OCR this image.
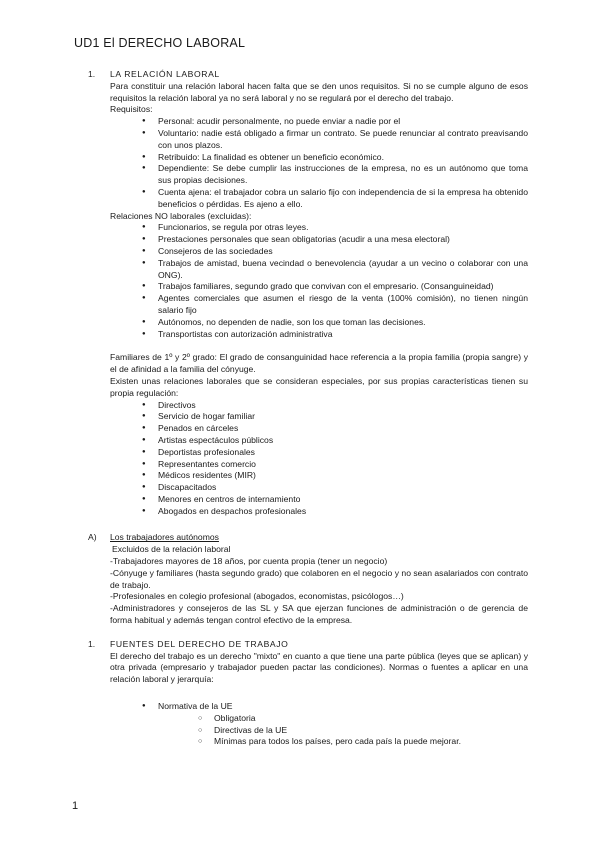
UD1 El DERECHO LABORAL
1.	LA RELACIÓN LABORAL
Para constituir una relación laboral hacen falta que se den unos requisitos. Si no se cumple alguno de esos requisitos la relación laboral ya no será laboral y no se regulará por el derecho del trabajo.
Requisitos:
● Personal: acudir personalmente, no puede enviar a nadie por el
● Voluntario: nadie está obligado a firmar un contrato. Se puede renunciar al contrato preavisando con unos plazos.
● Retribuido: La finalidad es obtener un beneficio económico.
● Dependiente: Se debe cumplir las instrucciones de la empresa, no es un autónomo que toma sus propias decisiones.
● Cuenta ajena: el trabajador cobra un salario fijo con independencia de si la empresa ha obtenido beneficios o pérdidas. Es ajeno a ello.
Relaciones NO laborales (excluidas):
● Funcionarios, se regula por otras leyes.
● Prestaciones personales que sean obligatorias (acudir a una mesa electoral)
● Consejeros de las sociedades
● Trabajos de amistad, buena vecindad o benevolencia (ayudar a un vecino o colaborar con una ONG).
● Trabajos familiares, segundo grado que convivan con el empresario. (Consanguineidad)
● Agentes comerciales que asumen el riesgo de la venta (100% comisión), no tienen ningún salario fijo
● Autónomos, no dependen de nadie, son los que toman las decisiones.
● Transportistas con autorización administrativa
Familiares de 1º y 2º grado: El grado de consanguinidad hace referencia a la propia familia (propia sangre) y el de afinidad a la familia del cónyuge.
Existen unas relaciones laborales que se consideran especiales, por sus propias características tienen su propia regulación:
● Directivos
● Servicio de hogar familiar
● Penados en cárceles
● Artistas espectáculos públicos
● Deportistas profesionales
● Representantes comercio
● Médicos residentes (MIR)
● Discapacitados
● Menores en centros de internamiento
● Abogados en despachos profesionales
A)	Los trabajadores autónomos
Excluidos de la relación laboral
-Trabajadores mayores de 18 años, por cuenta propia (tener un negocio)
-Cónyuge y familiares (hasta segundo grado) que colaboren en el negocio y no sean asalariados con contrato de trabajo.
-Profesionales en colegio profesional (abogados, economistas, psicólogos…)
-Administradores y consejeros de las SL y SA que ejerzan funciones de administración o de gerencia de forma habitual y además tengan control efectivo de la empresa.
1.	FUENTES DEL DERECHO DE TRABAJO
El derecho del trabajo es un derecho "mixto" en cuanto a que tiene una parte pública (leyes que se aplican) y otra privada (empresario y trabajador pueden pactar las condiciones). Normas o fuentes a aplicar en una relación laboral y jerarquía:
● Normativa de la UE
○ Obligatoria
○ Directivas de la UE
○ Mínimas para todos los países, pero cada país la puede mejorar.
1
